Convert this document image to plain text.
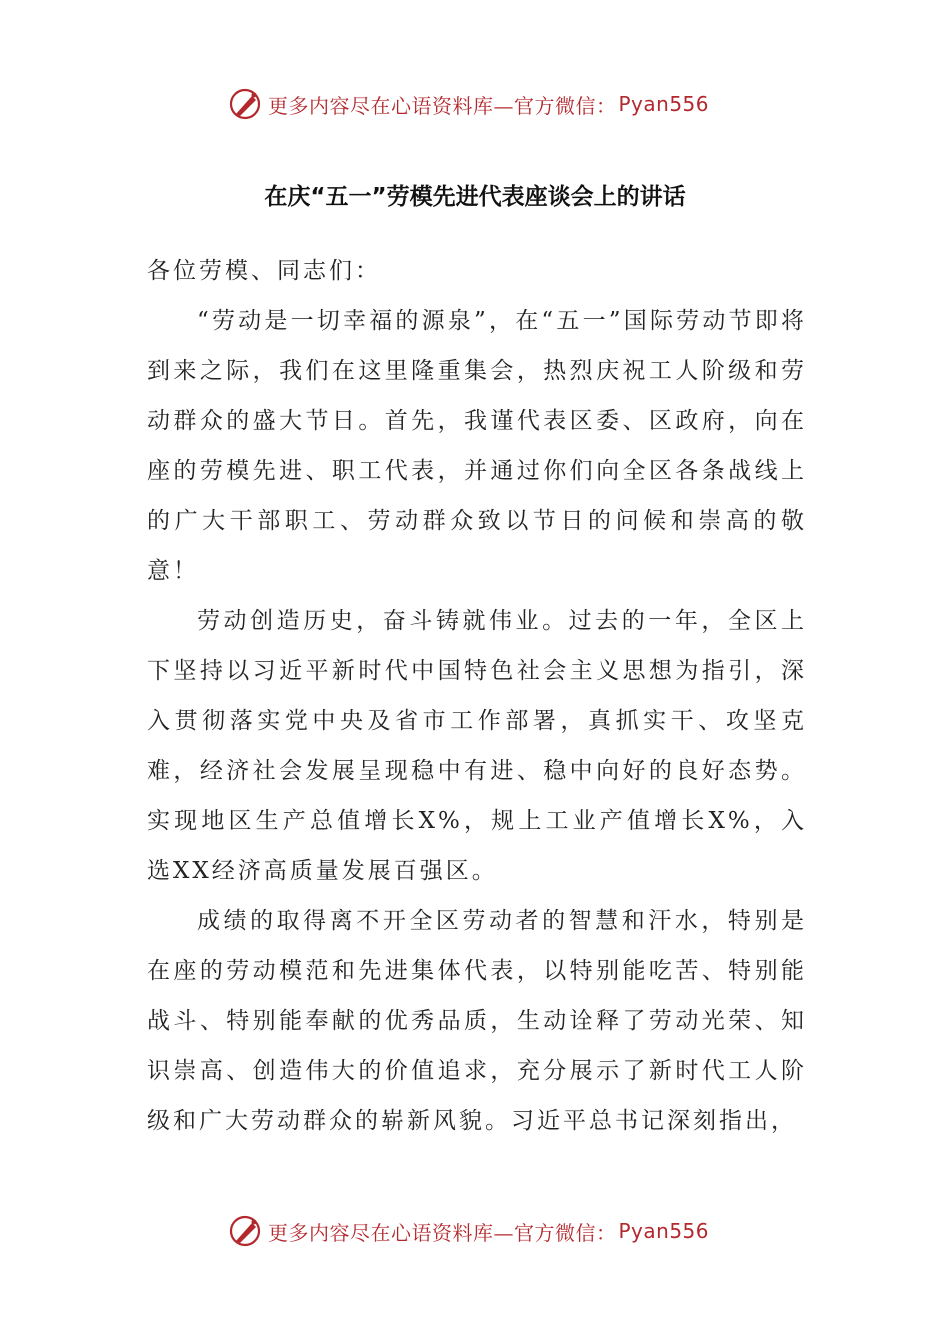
更多内容尽在心语资料库—官方微信： Pyan556
在庆“五一”劳模先进代表座谈会上的讲话

各位劳模、同志们：

“劳动是一切幸福的源泉”，在“五一”国际劳动节即将到来之际，我们在这里隆重集会，热烈庆祝工人阶级和劳动群众的盛大节日。首先，我谨代表区委、区政府，向在座的劳模先进、职工代表，并通过你们向全区各条战线上的广大干部职工、劳动群众致以节日的问候和崇高的敬意！

劳动创造历史，奋斗铸就伟业。过去的一年，全区上下坚持以习近平新时代中国特色社会主义思想为指引，深入贯彻落实党中央及省市工作部署，真抓实干、攻坚克难，经济社会发展呈现稳中有进、稳中向好的良好态势。实现地区生产总值增长X%，规上工业产值增长X%，入选XX经济高质量发展百强区。

成绩的取得离不开全区劳动者的智慧和汗水，特别是在座的劳动模范和先进集体代表，以特别能吃苦、特别能战斗、特别能奉献的优秀品质，生动诠释了劳动光荣、知识崇高、创造伟大的价值追求，充分展示了新时代工人阶级和广大劳动群众的崭新风貌。习近平总书记深刻指出，

更多内容尽在心语资料库—官方微信： Pyan556
